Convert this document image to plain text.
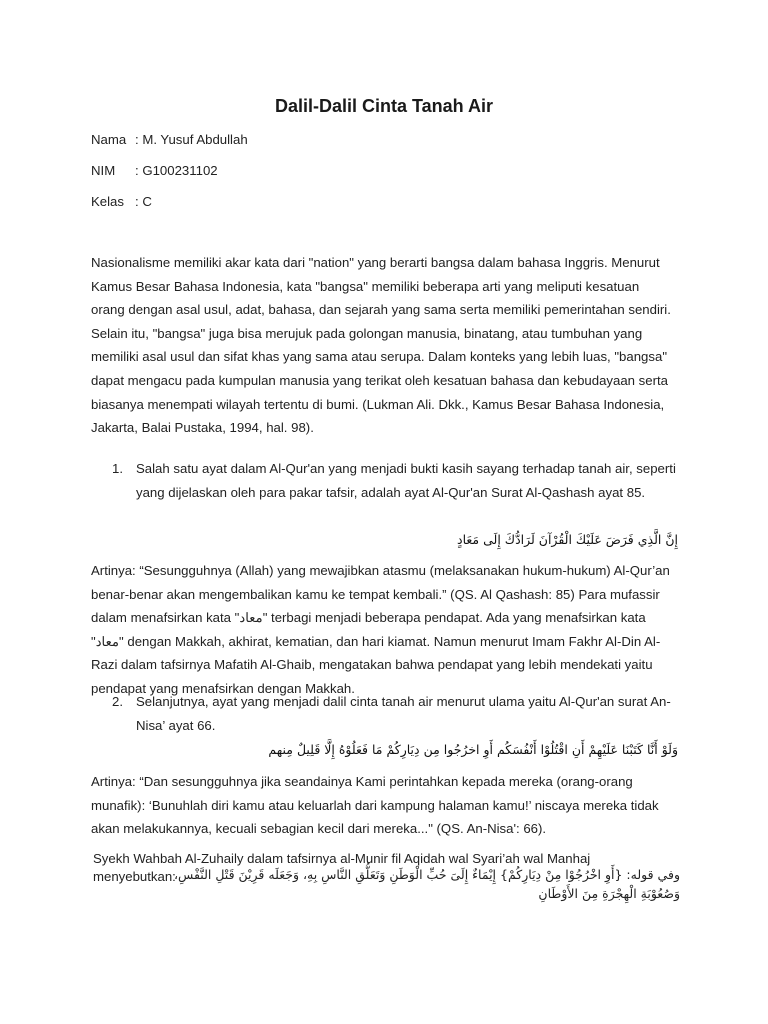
Dalil-Dalil Cinta Tanah Air
Nama : M. Yusuf Abdullah
NIM : G100231102
Kelas : C

Nasionalisme memiliki akar kata dari "nation" yang berarti bangsa dalam bahasa Inggris. Menurut Kamus Besar Bahasa Indonesia, kata "bangsa" memiliki beberapa arti yang meliputi kesatuan orang dengan asal usul, adat, bahasa, dan sejarah yang sama serta memiliki pemerintahan sendiri. Selain itu, "bangsa" juga bisa merujuk pada golongan manusia, binatang, atau tumbuhan yang memiliki asal usul dan sifat khas yang sama atau serupa. Dalam konteks yang lebih luas, "bangsa" dapat mengacu pada kumpulan manusia yang terikat oleh kesatuan bahasa dan kebudayaan serta biasanya menempati wilayah tertentu di bumi. (Lukman Ali. Dkk., Kamus Besar Bahasa Indonesia, Jakarta, Balai Pustaka, 1994, hal. 98).

1. Salah satu ayat dalam Al-Qur'an yang menjadi bukti kasih sayang terhadap tanah air, seperti yang dijelaskan oleh para pakar tafsir, adalah ayat Al-Qur'an Surat Al-Qashash ayat 85.
إِنَّ الَّذِي فَرَضَ عَلَيْكَ الْقُرْآنَ لَرَادُّكَ إِلَى مَعَادٍ

Artinya: “Sesungguhnya (Allah) yang mewajibkan atasmu (melaksanakan hukum-hukum) Al-Qur’an benar-benar akan mengembalikan kamu ke tempat kembali.” (QS. Al Qashash: 85) Para mufassir dalam menafsirkan kata "معاد" terbagi menjadi beberapa pendapat. Ada yang menafsirkan kata "معاد" dengan Makkah, akhirat, kematian, dan hari kiamat. Namun menurut Imam Fakhr Al-Din Al-Razi dalam tafsirnya Mafatih Al-Ghaib, mengatakan bahwa pendapat yang lebih mendekati yaitu pendapat yang menafsirkan dengan Makkah.

2. Selanjutnya, ayat yang menjadi dalil cinta tanah air menurut ulama yaitu Al-Qur'an surat An-Nisa’ ayat 66.
وَلَوْ أَنَّا كَتَبْنَا عَلَيْهِمْ أَنِ اقْتُلُوْا أَنْفُسَكُم أَوِ اخرُجُوا مِن دِيَارِكُمْ مَا فَعَلُوْهُ إِلَّا قَلِيلٌ مِنهم

Artinya: “Dan sesungguhnya jika seandainya Kami perintahkan kepada mereka (orang-orang munafik): ‘Bunuhlah diri kamu atau keluarlah dari kampung halaman kamu!’ niscaya mereka tidak akan melakukannya, kecuali sebagian kecil dari mereka..." (QS. An-Nisa': 66).

Syekh Wahbah Al-Zuhaily dalam tafsirnya al-Munir fil Aqidah wal Syari’ah wal Manhaj
menyebutkan:
وفي قوله: {أَوِ اخْرُجُوْا مِنْ دِيَارِكُمْ} إِيْمَاءٌ إِلَىَ حُبِّ الْوَطَنِ وَتَعَلُّقِ النَّاسِ بِهِ، وَجَعَلَه قَرِيْنَ قَتْلِ النَّفْسِ،
وَصُعُوْبَةِ الْهِجْرَةِ مِنَ الأَوْطَانِ
